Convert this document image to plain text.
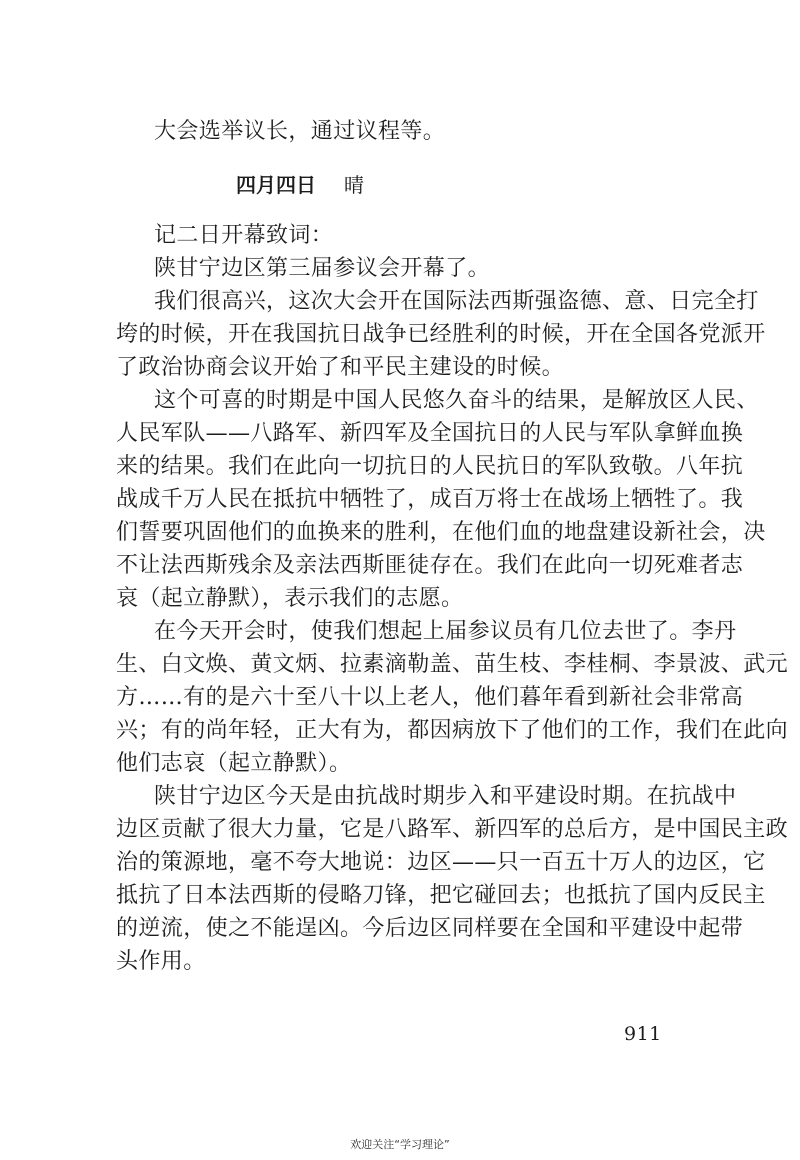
大会选举议长，通过议程等。
四月四日 晴
记二日开幕致词：
陕甘宁边区第三届参议会开幕了。
我们很高兴，这次大会开在国际法西斯强盗德、意、日完全打
垮的时候，开在我国抗日战争已经胜利的时候，开在全国各党派开
了政治协商会议开始了和平民主建设的时候。
这个可喜的时期是中国人民悠久奋斗的结果，是解放区人民、
人民军队——八路军、新四军及全国抗日的人民与军队拿鲜血换
来的结果。我们在此向一切抗日的人民抗日的军队致敬。八年抗
战成千万人民在抵抗中牺牲了，成百万将士在战场上牺牲了。我
们誓要巩固他们的血换来的胜利，在他们血的地盘建设新社会，决
不让法西斯残余及亲法西斯匪徒存在。我们在此向一切死难者志
哀（起立静默），表示我们的志愿。
在今天开会时，使我们想起上届参议员有几位去世了。李丹
生、白文焕、黄文炳、拉素滴勒盖、苗生枝、李桂桐、李景波、武元
方……有的是六十至八十以上老人，他们暮年看到新社会非常高
兴；有的尚年轻，正大有为，都因病放下了他们的工作，我们在此向
他们志哀（起立静默）。
陕甘宁边区今天是由抗战时期步入和平建设时期。在抗战中
边区贡献了很大力量，它是八路军、新四军的总后方，是中国民主政
治的策源地，毫不夸大地说：边区——只一百五十万人的边区，它
抵抗了日本法西斯的侵略刀锋，把它碰回去；也抵抗了国内反民主
的逆流，使之不能逞凶。今后边区同样要在全国和平建设中起带
头作用。
911
欢迎关注“学习理论”
